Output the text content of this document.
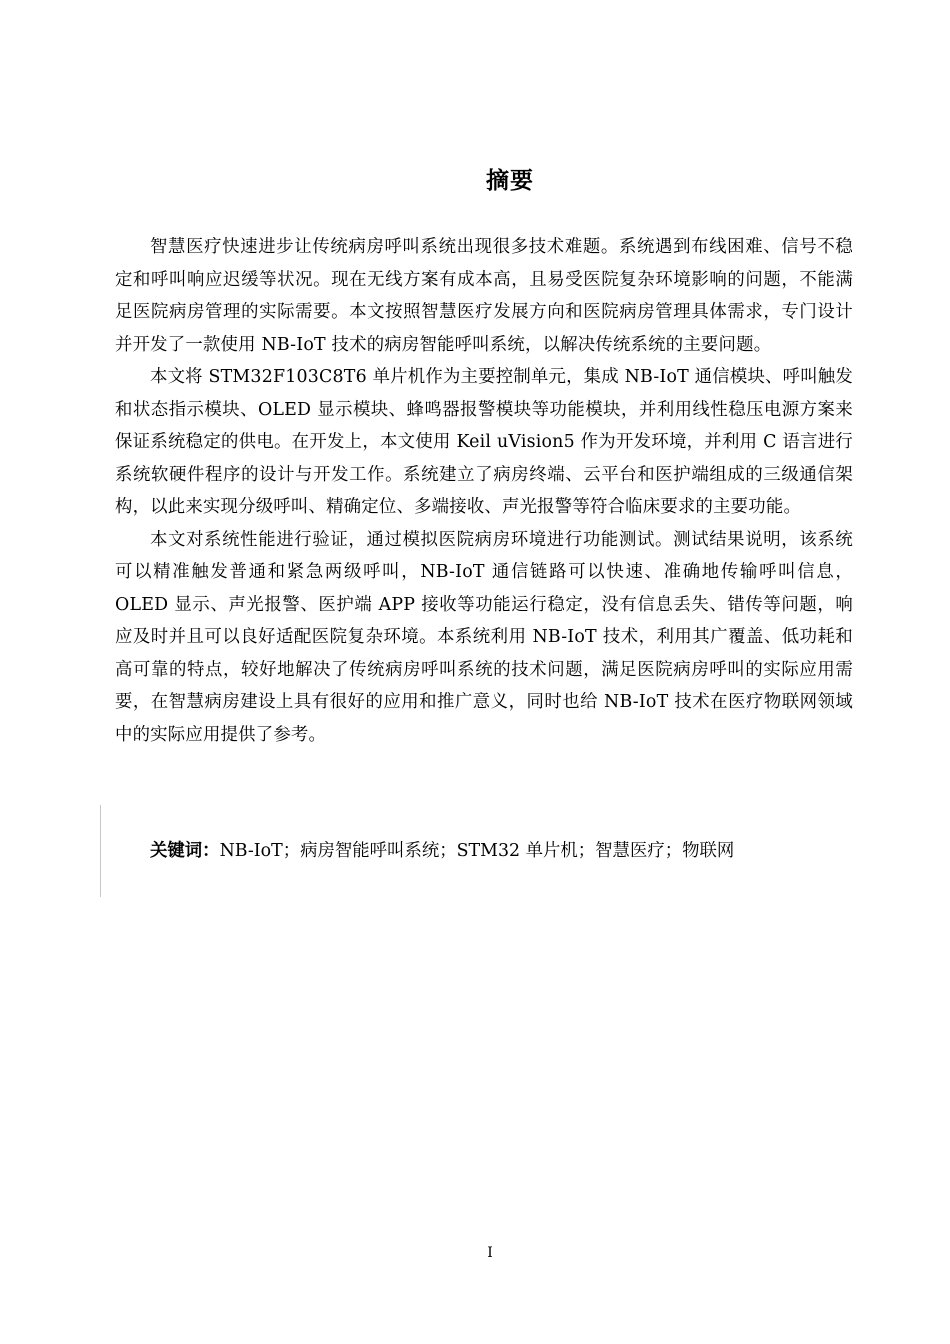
摘要

智慧医疗快速进步让传统病房呼叫系统出现很多技术难题。系统遇到布线困难、信号不稳定和呼叫响应迟缓等状况。现在无线方案有成本高，且易受医院复杂环境影响的问题，不能满足医院病房管理的实际需要。本文按照智慧医疗发展方向和医院病房管理具体需求，专门设计并开发了一款使用 NB-IoT 技术的病房智能呼叫系统，以解决传统系统的主要问题。

本文将 STM32F103C8T6 单片机作为主要控制单元，集成 NB-IoT 通信模块、呼叫触发和状态指示模块、OLED 显示模块、蜂鸣器报警模块等功能模块，并利用线性稳压电源方案来保证系统稳定的供电。在开发上，本文使用 Keil uVision5 作为开发环境，并利用 C 语言进行系统软硬件程序的设计与开发工作。系统建立了病房终端、云平台和医护端组成的三级通信架构，以此来实现分级呼叫、精确定位、多端接收、声光报警等符合临床要求的主要功能。

本文对系统性能进行验证，通过模拟医院病房环境进行功能测试。测试结果说明，该系统可以精准触发普通和紧急两级呼叫，NB-IoT 通信链路可以快速、准确地传输呼叫信息，OLED 显示、声光报警、医护端 APP 接收等功能运行稳定，没有信息丢失、错传等问题，响应及时并且可以良好适配医院复杂环境。本系统利用 NB-IoT 技术，利用其广覆盖、低功耗和高可靠的特点，较好地解决了传统病房呼叫系统的技术问题，满足医院病房呼叫的实际应用需要，在智慧病房建设上具有很好的应用和推广意义，同时也给 NB-IoT 技术在医疗物联网领域中的实际应用提供了参考。

关键词：NB-IoT；病房智能呼叫系统；STM32 单片机；智慧医疗；物联网
I
